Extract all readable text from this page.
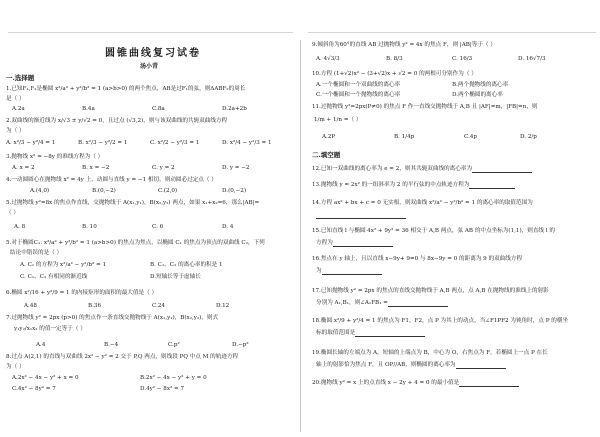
圆锥曲线复习试卷
汤小青
一.选择题
1.已知F₁,F₂是椭圆 x²/a² + y²/b² = 1 (a>b>0) 的两个焦点，AB是过F₁的弦，则ΔABF₂的周长
是（ ）
A.2a	B.4a	C.8a	D.2a+2b
2.双曲线的渐近线为 x/√3 ± y/√2 = 0，且过点 (√3,2)，则与该双曲线的共轭双曲线方程
为（ ）
A. x²/3 − y²/4 = 1	B. x²/3 − y²/2 = 1	C. x²/2 − y²/3 = 1	D. x²/4 − y²/3 = 1
3.抛物线 x² = −8y 的准线方程为（ ）
A. x = 2	B. x = −2	C. y = 2	D. y = −2
4.一动圆圆心在抛物线 x² = 4y 上，动圆与直线 y = −1 相切，则动圆必过定点（ ）
A.(4,0)	B.(0,−2)	C.(2,0)	D.(0,−2)
5.过抛物线 y²=8x 的焦点作直线，交抛物线于 A(x₁,y₁)，B(x₂,y₂) 两点，如果 x₁+x₂=6，那么|AB|=
（ ）
A. 8	B. 10	C. 6	D. 4
5.对于椭圆C₁: x²/a² + y²/b² = 1 (a>b>0) 的焦点为焦点，以椭圆 C₁ 的焦点为顶点的双曲线 C₂，下列
结论中错误的是（ ）
A. C₁ 的方程为 x²/a² − y²/b² = 1	B. C₁、C₂ 的离心率的积是 1
C. C₁、C₂ 有相同的渐近线	D.短轴长等于虚轴长
6.椭圆 x²/16 + y²/9 = 1 的内接矩形的面积的最大值是（ ）
A.48	B.36	C.24	D.12
7.过抛物线 y² = 2px (p>0) 的焦点作一条直线交抛物线于 A(x₁,y₁)，B(x₂,y₂)，则式
y₁y₂/x₁x₂ 的值一定等于（ ）
A.4	B.−4	C.p²	D.−p²
8.过点 A(2,1) 的直线与双曲线 2x² − y² = 2 交于 P,Q 两点，则线段 PQ 中点 M 的轨迹方程
为（ ）
A.2x² − 4x − y² + x = 0	B.2x² − 4x − y² + y = 0
C.4x² − 8y² = 7	D.4y² − 8x² = 7
9.倾斜角为60°的直线 AB 过抛物线 y² = 4x 的焦点 F，则 |AB|等于（ ）
A. 4√3/3	B. 8/3	C. 16/3	D. 16√7/3
10.方程 (1+√2)x² − (3+√2)x + √2 = 0 的两根可分别作为（ ）
A.一个椭圆和一个双曲线的离心率	B.两个抛物线的离心率
C.一个椭圆和一个抛物线的离心率	D.两个椭圆的离心率
11.过抛物线 y²=2px(P≠0) 的焦点 F 作一直线交抛物线于 A,B 且 |AF|=m，|FB|=n，则
1/m + 1/n =（ ）
A.2P	B. 1/4p	C.4p	D. 2/p
二.填空题
12.已知一双曲线的离心率为 e = 2，则其共轭双曲线的离心率为
13.抛物线 y = 2x² 的一组斜率为 2 的平行弦的中点轨迹方程为
14.方程 ax² + bx + c = 0 无实根，则双曲线 x²/a² − y²/b² = 1 的离心率的取值范围为
15.已知直线 l 与椭圆 4x² + 9y² = 36 相交于 A,B 两点，弦 AB 的中点坐标为(1,1)，则直线 l 的
方程为
16.焦点在 y 轴上，且以直线 x−9y+ 9=0 与 8x−9y = 0 的距离为 9 的双曲线方程
为
17.已知抛物线 y² = 2px 的焦点的直线交抛物线于 A,B 两点，点 A,B 在抛物线的准线上的射影
分别为 A₁,B₁，则∠A₁FB₁ =
18.椭圆 x²/9 + y²/4 = 1 的焦点为 F1，F2，点 P 为其上的动点，当∠F1PF2 为钝角时，点 P 的横坐
标的取值范围是
19.椭圆长轴的左端点为 A，短轴的上端点为 B，中心为 O，右焦点为 F，若椭圆上一点 P 在长
轴上的射影恰为焦点 F，且 OP//AB，则椭圆的离心率为
20.抛物线 y² = x 上的点直线 x − 2y + 4 = 0 的最小值是
